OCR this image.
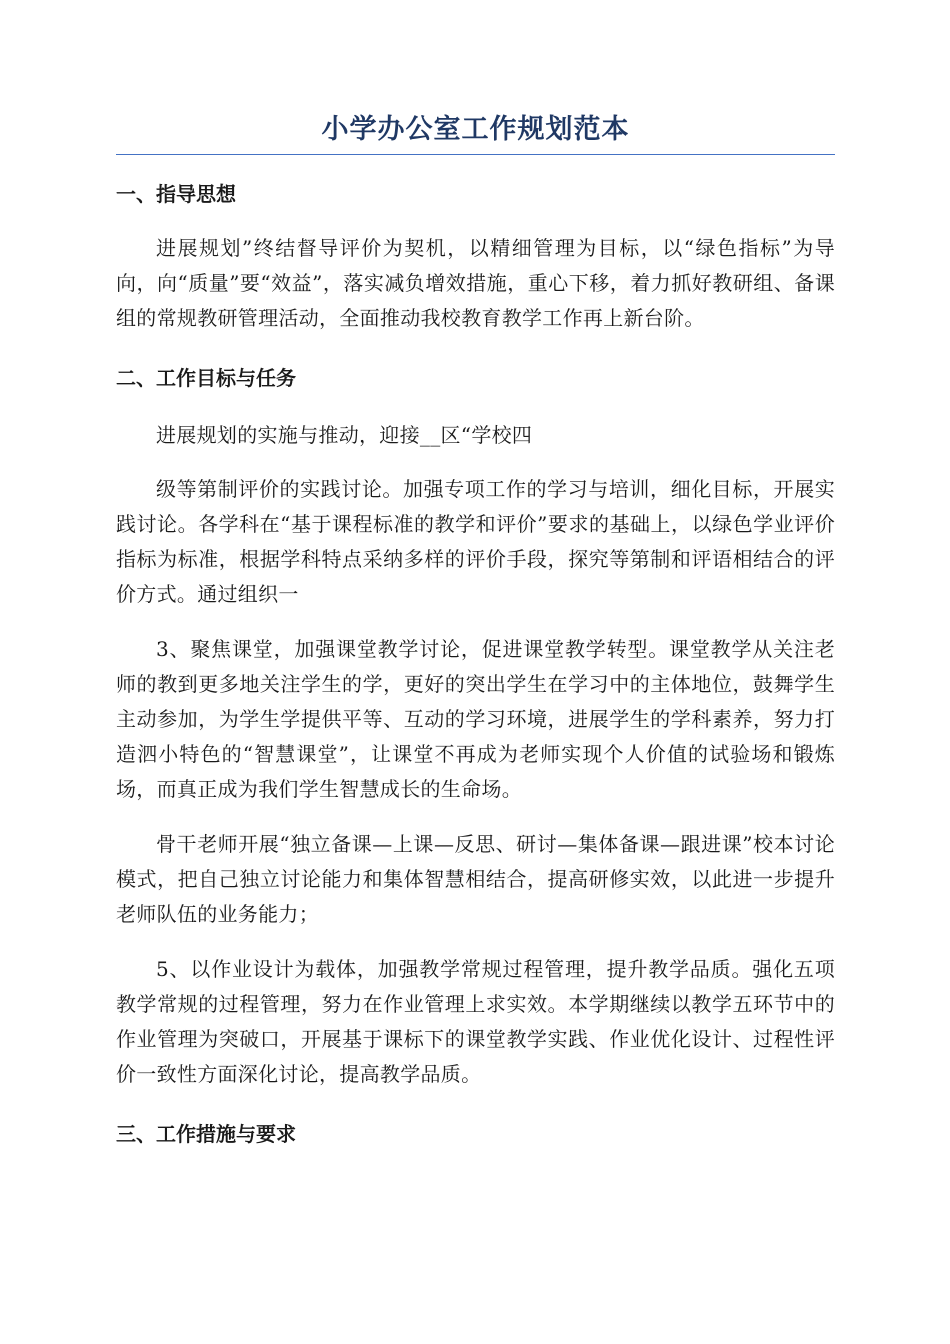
小学办公室工作规划范本
一、指导思想

进展规划”终结督导评价为契机，以精细管理为目标，以“绿色指标”为导向，向“质量”要“效益”，落实减负增效措施，重心下移，着力抓好教研组、备课组的常规教研管理活动，全面推动我校教育教学工作再上新台阶。

二、工作目标与任务

进展规划的实施与推动，迎接__区“学校四

级等第制评价的实践讨论。加强专项工作的学习与培训，细化目标，开展实践讨论。各学科在“基于课程标准的教学和评价”要求的基础上，以绿色学业评价指标为标准，根据学科特点采纳多样的评价手段，探究等第制和评语相结合的评价方式。通过组织一

3、聚焦课堂，加强课堂教学讨论，促进课堂教学转型。课堂教学从关注老师的教到更多地关注学生的学，更好的突出学生在学习中的主体地位，鼓舞学生主动参加，为学生学提供平等、互动的学习环境，进展学生的学科素养，努力打造泗小特色的“智慧课堂”，让课堂不再成为老师实现个人价值的试验场和锻炼场，而真正成为我们学生智慧成长的生命场。

骨干老师开展“独立备课—上课—反思、研讨—集体备课—跟进课”校本讨论模式，把自己独立讨论能力和集体智慧相结合，提高研修实效，以此进一步提升老师队伍的业务能力；

5、以作业设计为载体，加强教学常规过程管理，提升教学品质。强化五项教学常规的过程管理，努力在作业管理上求实效。本学期继续以教学五环节中的作业管理为突破口，开展基于课标下的课堂教学实践、作业优化设计、过程性评价一致性方面深化讨论，提高教学品质。

三、工作措施与要求
